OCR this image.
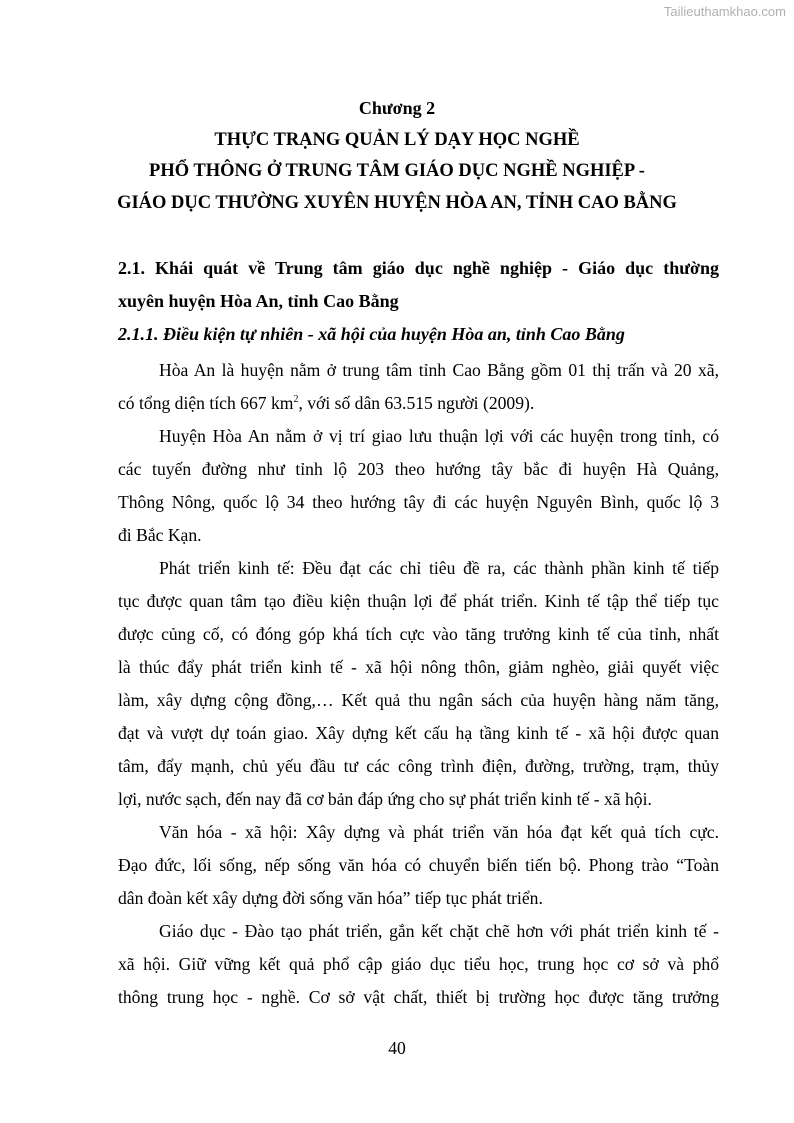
Tailieuthamkhao.com
Chương 2
THỰC TRẠNG QUẢN LÝ DẠY HỌC NGHỀ
PHỔ THÔNG Ở TRUNG TÂM GIÁO DỤC NGHỀ NGHIỆP -
GIÁO DỤC THƯỜNG XUYÊN HUYỆN HÒA AN, TỈNH CAO BẰNG
2.1. Khái quát về Trung tâm giáo dục nghề nghiệp - Giáo dục thường
xuyên huyện Hòa An, tỉnh Cao Bằng
2.1.1. Điều kiện tự nhiên - xã hội của huyện Hòa an, tỉnh Cao Bằng
Hòa An là huyện nằm ở trung tâm tỉnh Cao Bằng gồm 01 thị trấn và 20 xã,
có tổng diện tích 667 $km^2$, với số dân 63.515 người (2009).
Huyện Hòa An nằm ở vị trí giao lưu thuận lợi với các huyện trong tỉnh, có
các tuyến đường như tỉnh lộ 203 theo hướng tây bắc đi huyện Hà Quảng,
Thông Nông, quốc lộ 34 theo hướng tây đi các huyện Nguyên Bình, quốc lộ 3
đi Bắc Kạn.
Phát triển kinh tế: Đều đạt các chỉ tiêu đề ra, các thành phần kinh tế tiếp
tục được quan tâm tạo điều kiện thuận lợi để phát triển. Kinh tế tập thể tiếp tục
được củng cố, có đóng góp khá tích cực vào tăng trưởng kinh tế của tỉnh, nhất
là thúc đẩy phát triển kinh tế - xã hội nông thôn, giảm nghèo, giải quyết việc
làm, xây dựng cộng đồng,… Kết quả thu ngân sách của huyện hàng năm tăng,
đạt và vượt dự toán giao. Xây dựng kết cấu hạ tầng kinh tế - xã hội được quan
tâm, đẩy mạnh, chủ yếu đầu tư các công trình điện, đường, trường, trạm, thủy
lợi, nước sạch, đến nay đã cơ bản đáp ứng cho sự phát triển kinh tế - xã hội.
Văn hóa - xã hội: Xây dựng và phát triển văn hóa đạt kết quả tích cực.
Đạo đức, lối sống, nếp sống văn hóa có chuyển biến tiến bộ. Phong trào “Toàn
dân đoàn kết xây dựng đời sống văn hóa” tiếp tục phát triển.
Giáo dục - Đào tạo phát triển, gắn kết chặt chẽ hơn với phát triển kinh tế -
xã hội. Giữ vững kết quả phổ cập giáo dục tiểu học, trung học cơ sở và phổ
thông trung học - nghề. Cơ sở vật chất, thiết bị trường học được tăng trưởng
40
